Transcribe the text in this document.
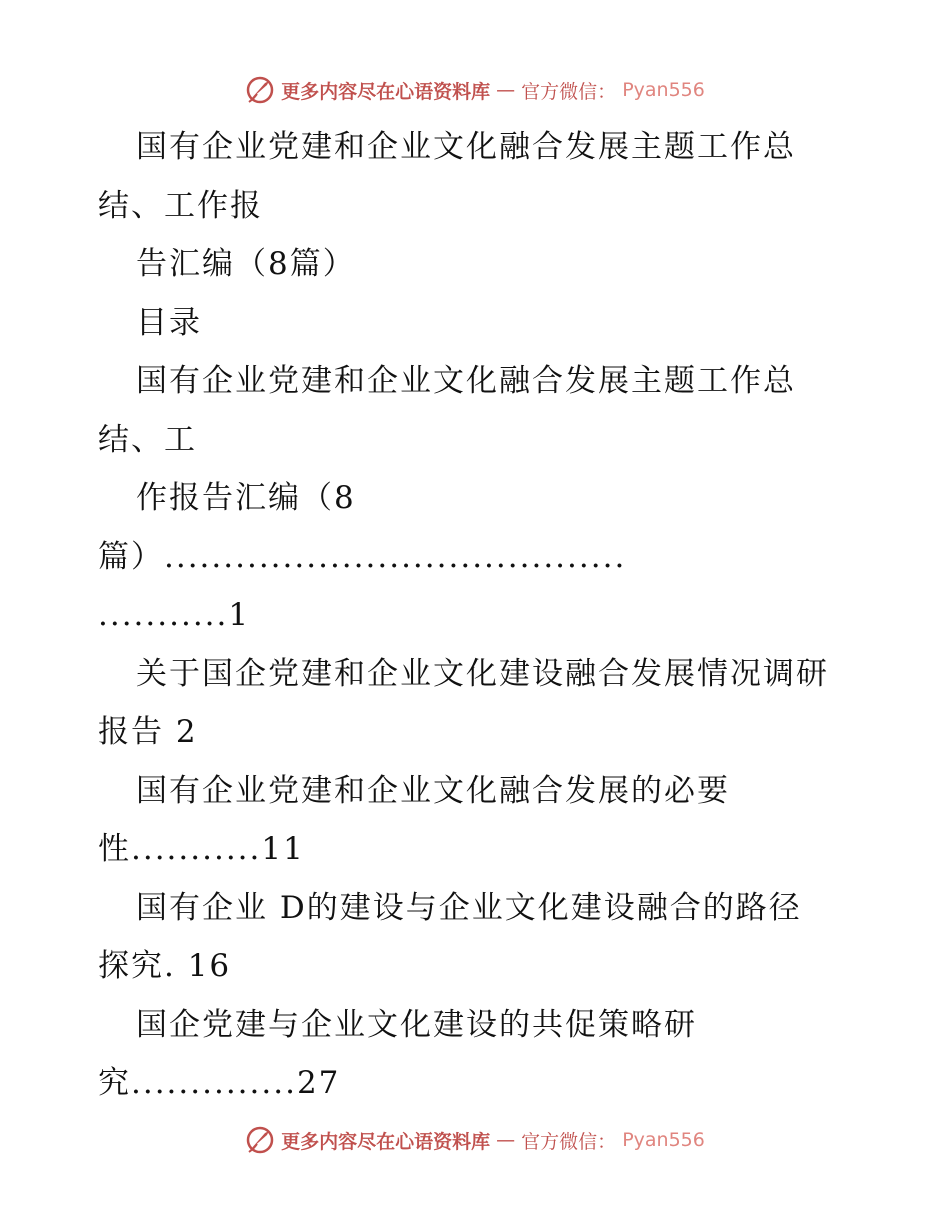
更多内容尽在心语资料库 — 官方微信： Pyan556
国有企业党建和企业文化融合发展主题工作总
结、工作报
告汇编（8篇）
目录
国有企业党建和企业文化融合发展主题工作总
结、工
作报告汇编（8
篇）.......................................
...........1
关于国企党建和企业文化建设融合发展情况调研
报告 2
国有企业党建和企业文化融合发展的必要
性...........11
国有企业 D的建设与企业文化建设融合的路径
探究. 16
国企党建与企业文化建设的共促策略研
究..............27
更多内容尽在心语资料库 — 官方微信： Pyan556
